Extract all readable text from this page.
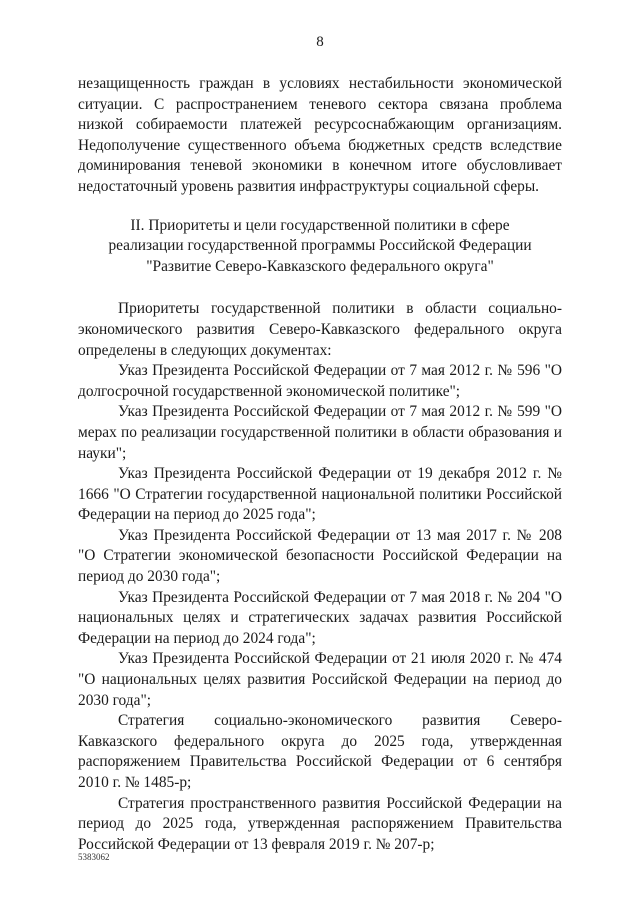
8

незащищенность граждан в условиях нестабильности экономической ситуации. С распространением теневого сектора связана проблема низкой собираемости платежей ресурсоснабжающим организациям. Недополучение существенного объема бюджетных средств вследствие доминирования теневой экономики в конечном итоге обусловливает недостаточный уровень развития инфраструктуры социальной сферы.

II. Приоритеты и цели государственной политики в сфере
реализации государственной программы Российской Федерации
"Развитие Северо-Кавказского федерального округа"

Приоритеты государственной политики в области социально-экономического развития Северо-Кавказского федерального округа определены в следующих документах:

Указ Президента Российской Федерации от 7 мая 2012 г. № 596 "О долгосрочной государственной экономической политике";

Указ Президента Российской Федерации от 7 мая 2012 г. № 599 "О мерах по реализации государственной политики в области образования и науки";

Указ Президента Российской Федерации от 19 декабря 2012 г. № 1666 "О Стратегии государственной национальной политики Российской Федерации на период до 2025 года";

Указ Президента Российской Федерации от 13 мая 2017 г. № 208 "О Стратегии экономической безопасности Российской Федерации на период до 2030 года";

Указ Президента Российской Федерации от 7 мая 2018 г. № 204 "О национальных целях и стратегических задачах развития Российской Федерации на период до 2024 года";

Указ Президента Российской Федерации от 21 июля 2020 г. № 474 "О национальных целях развития Российской Федерации на период до 2030 года";

Стратегия социально-экономического развития Северо-Кавказского федерального округа до 2025 года, утвержденная распоряжением Правительства Российской Федерации от 6 сентября 2010 г. № 1485-р;

Стратегия пространственного развития Российской Федерации на период до 2025 года, утвержденная распоряжением Правительства Российской Федерации от 13 февраля 2019 г. № 207-р;

5383062
